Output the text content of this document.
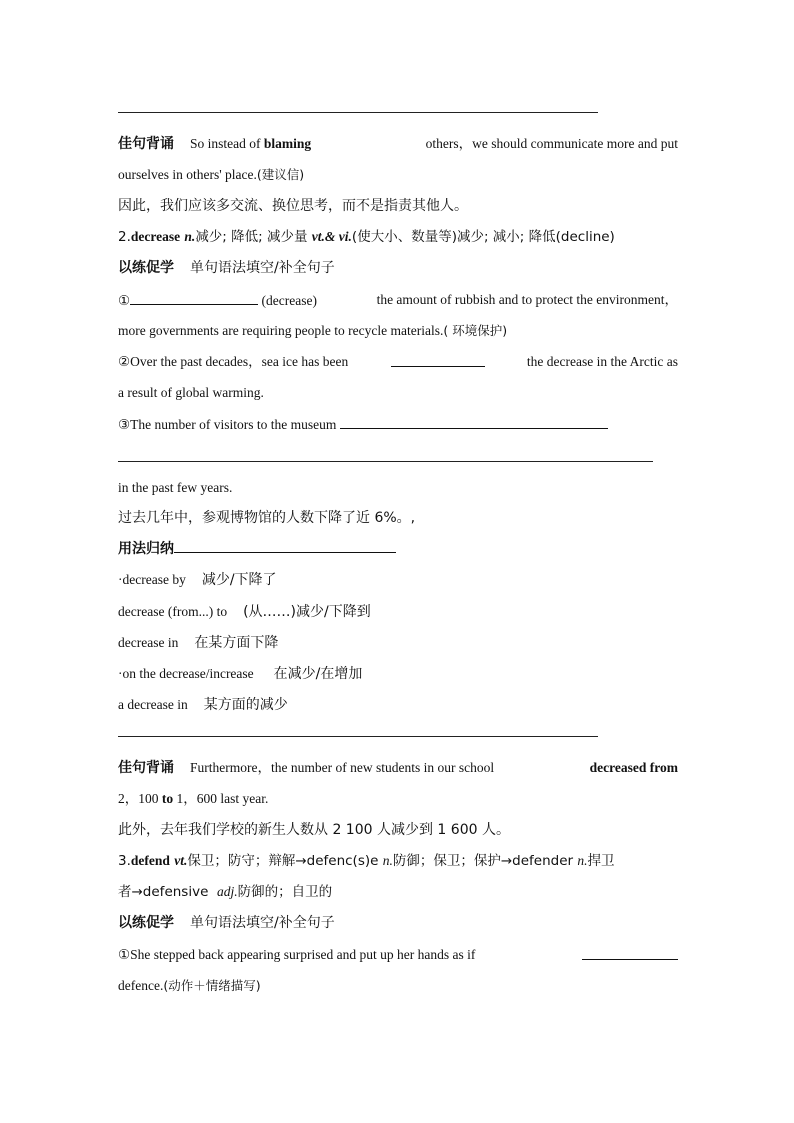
佳句背诵 So instead of blaming	others，we should communicate more and put
ourselves in others' place.(建议信)
因此，我们应该多交流、换位思考，而不是指责其他人。
2.decrease n.减少; 降低; 减少量 vt.& vi.(使大小、数量等)减少; 减小; 降低(decline)
以练促学 单句语法填空/补全句子
①	(decrease)	the amount of rubbish and to protect the environment，
more governments are requiring people to recycle materials.( 环境保护)
②Over the past decades，sea ice has been	the decrease in the Arctic as
a result of global warming.
③The number of visitors to the museum
in the past few years.
过去几年中，参观博物馆的人数下降了近 6%。,
用法归纳
·decrease by 减少/下降了
decrease (from...) to (从……)减少/下降到
decrease in 在某方面下降
·on the decrease/increase 在减少/在增加
a decrease in 某方面的减少
佳句背诵 Furthermore，the number of new students in our school	decreased from
2，100 to 1，600 last year.
此外，去年我们学校的新生人数从 2 100 人减少到 1 600 人。
3.defend vt.保卫；防守；辩解→defenc(s)e n.防御；保卫；保护→defender n.捍卫
者→defensive adj.防御的；自卫的
以练促学 单句语法填空/补全句子
①She stepped back appearing surprised and put up her hands as if
defence.(动作＋情绪描写)
